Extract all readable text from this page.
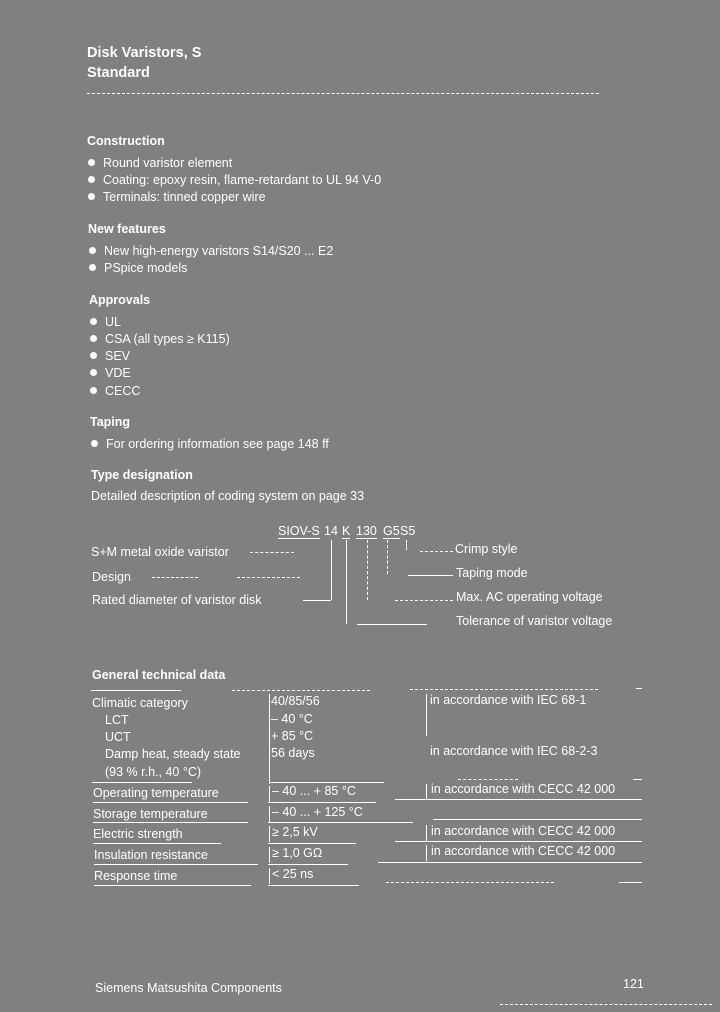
Disk Varistors, S
Standard
Construction
Round varistor element
Coating: epoxy resin, flame-retardant to UL 94 V-0
Terminals: tinned copper wire
New features
New high-energy varistors S14/S20 ... E2
PSpice models
Approvals
UL
CSA (all types ≥ K115)
SEV
VDE
CECC
Taping
For ordering information see page 148 ff
Type designation
Detailed description of coding system on page 33
SIOV-S 14 K 130 G5 S5
S+M metal oxide varistor
Design
Rated diameter of varistor disk
Crimp style
Taping mode
Max. AC operating voltage
Tolerance of varistor voltage
General technical data
Climatic category	40/85/56	in accordance with IEC 68-1
LCT	– 40 °C
UCT	+ 85 °C
Damp heat, steady state 56 days	in accordance with IEC 68-2-3
(93 % r.h., 40 °C)
Operating temperature	– 40 ... + 85 °C	in accordance with CECC 42 000
Storage temperature	– 40 ... + 125 °C
Electric strength	≥ 2,5 kV	in accordance with CECC 42 000
Insulation resistance	≥ 1,0 GΩ	in accordance with CECC 42 000
Response time	< 25 ns
Siemens Matsushita Components	121
